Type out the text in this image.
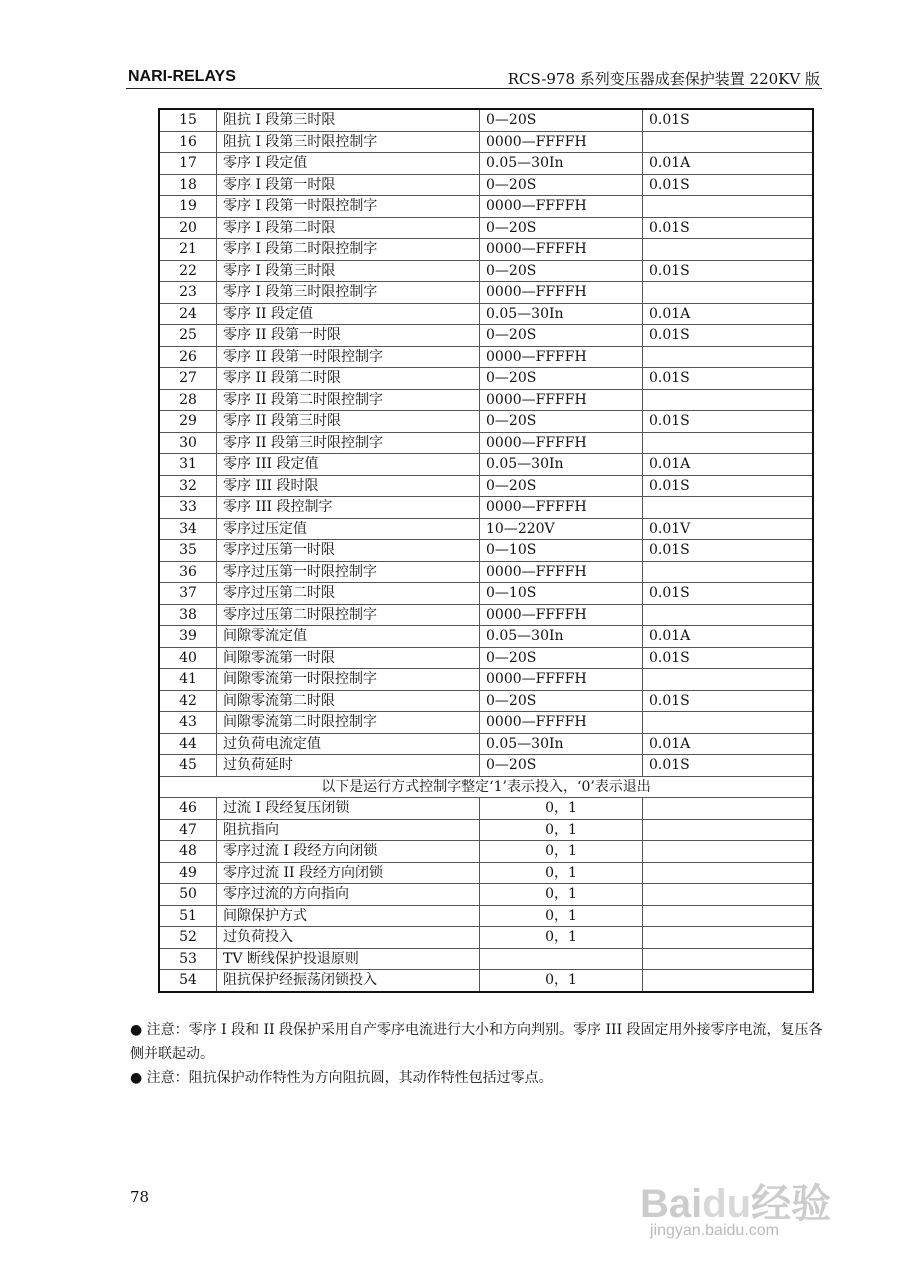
NARI-RELAYS	RCS-978 系列变压器成套保护装置 220KV 版
15	阻抗 I 段第三时限	0—20S	0.01S
16	阻抗 I 段第三时限控制字	0000—FFFFH	
17	零序 I 段定值	0.05—30In	0.01A
18	零序 I 段第一时限	0—20S	0.01S
19	零序 I 段第一时限控制字	0000—FFFFH	
20	零序 I 段第二时限	0—20S	0.01S
21	零序 I 段第二时限控制字	0000—FFFFH	
22	零序 I 段第三时限	0—20S	0.01S
23	零序 I 段第三时限控制字	0000—FFFFH	
24	零序 II 段定值	0.05—30In	0.01A
25	零序 II 段第一时限	0—20S	0.01S
26	零序 II 段第一时限控制字	0000—FFFFH	
27	零序 II 段第二时限	0—20S	0.01S
28	零序 II 段第二时限控制字	0000—FFFFH	
29	零序 II 段第三时限	0—20S	0.01S
30	零序 II 段第三时限控制字	0000—FFFFH	
31	零序 III 段定值	0.05—30In	0.01A
32	零序 III 段时限	0—20S	0.01S
33	零序 III 段控制字	0000—FFFFH	
34	零序过压定值	10—220V	0.01V
35	零序过压第一时限	0—10S	0.01S
36	零序过压第一时限控制字	0000—FFFFH	
37	零序过压第二时限	0—10S	0.01S
38	零序过压第二时限控制字	0000—FFFFH	
39	间隙零流定值	0.05—30In	0.01A
40	间隙零流第一时限	0—20S	0.01S
41	间隙零流第一时限控制字	0000—FFFFH	
42	间隙零流第二时限	0—20S	0.01S
43	间隙零流第二时限控制字	0000—FFFFH	
44	过负荷电流定值	0.05—30In	0.01A
45	过负荷延时	0—20S	0.01S
以下是运行方式控制字整定‘1’表示投入，‘0’表示退出			
46	过流 I 段经复压闭锁	0，1	
47	阻抗指向	0，1	
48	零序过流 I 段经方向闭锁	0，1	
49	零序过流 II 段经方向闭锁	0，1	
50	零序过流的方向指向	0，1	
51	间隙保护方式	0，1	
52	过负荷投入	0，1	
53	TV 断线保护投退原则		
54	阻抗保护经振荡闭锁投入	0，1	
● 注意：零序 I 段和 II 段保护采用自产零序电流进行大小和方向判别。零序 III 段固定用外接零序电流，复压各侧并联起动。
● 注意：阻抗保护动作特性为方向阻抗圆，其动作特性包括过零点。
78	Baidu经验
jingyan.baidu.com
